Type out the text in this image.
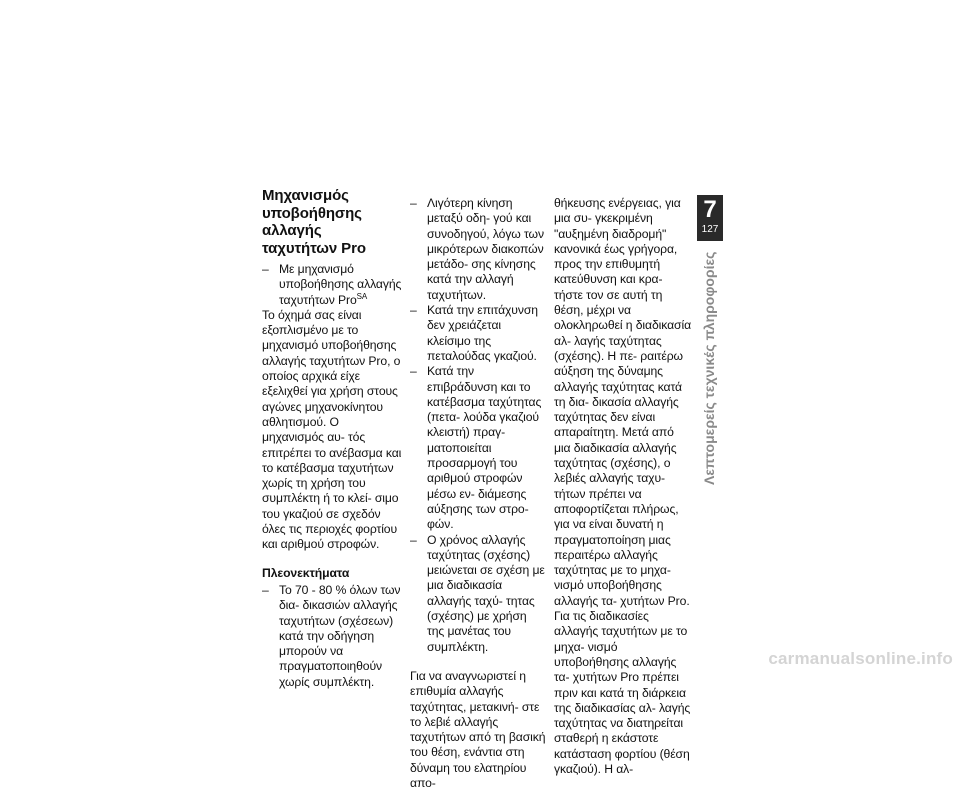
Μηχανισμός
υποβοήθησης αλλαγής
ταχυτήτων Pro
– Με μηχανισμό υποβοήθησης αλλαγής ταχυτήτων Pro$^{SA}$
Το όχημά σας είναι εξοπλισμένο με το μηχανισμό υποβοήθησης αλλαγής ταχυτήτων Pro, ο οποίος αρχικά είχε εξελιχθεί για χρήση στους αγώνες μηχανοκίνητου αθλητισμού. Ο μηχανισμός αυ- τός επιτρέπει το ανέβασμα και το κατέβασμα ταχυτήτων χωρίς τη χρήση του συμπλέκτη ή το κλεί- σιμο του γκαζιού σε σχεδόν όλες τις περιοχές φορτίου και αριθμού στροφών.
Πλεονεκτήματα
– Το 70 - 80 % όλων των δια- δικασιών αλλαγής ταχυτήτων (σχέσεων) κατά την οδήγηση μπορούν να πραγματοποιηθούν χωρίς συμπλέκτη.
– Λιγότερη κίνηση μεταξύ οδη- γού και συνοδηγού, λόγω των μικρότερων διακοπών μετάδο- σης κίνησης κατά την αλλαγή ταχυτήτων.
– Κατά την επιτάχυνση δεν χρειάζεται κλείσιμο της πεταλούδας γκαζιού.
– Κατά την επιβράδυνση και το κατέβασμα ταχύτητας (πετα- λούδα γκαζιού κλειστή) πραγ- ματοποιείται προσαρμογή του αριθμού στροφών μέσω εν- διάμεσης αύξησης των στρο- φών.
– Ο χρόνος αλλαγής ταχύτητας (σχέσης) μειώνεται σε σχέση με μια διαδικασία αλλαγής ταχύ- τητας (σχέσης) με χρήση της μανέτας του συμπλέκτη.
Για να αναγνωριστεί η επιθυμία αλλαγής ταχύτητας, μετακινή- στε το λεβιέ αλλαγής ταχυτήτων από τη βασική του θέση, ενάντια στη δύναμη του ελατηρίου απο-
θήκευσης ενέργειας, για μια συ- γκεκριμένη "αυξημένη διαδρομή" κανονικά έως γρήγορα, προς την επιθυμητή κατεύθυνση και κρα- τήστε τον σε αυτή τη θέση, μέχρι να ολοκληρωθεί η διαδικασία αλ- λαγής ταχύτητας (σχέσης). Η πε- ραιτέρω αύξηση της δύναμης αλλαγής ταχύτητας κατά τη δια- δικασία αλλαγής ταχύτητας δεν είναι απαραίτητη. Μετά από μια διαδικασία αλλαγής ταχύτητας (σχέσης), ο λεβιές αλλαγής ταχυ- τήτων πρέπει να αποφορτίζεται πλήρως, για να είναι δυνατή η πραγματοποίηση μιας περαιτέρω αλλαγής ταχύτητας με το μηχα- νισμό υποβοήθησης αλλαγής τα- χυτήτων Pro. Για τις διαδικασίες αλλαγής ταχυτήτων με το μηχα- νισμό υποβοήθησης αλλαγής τα- χυτήτων Pro πρέπει πριν και κατά τη διάρκεια της διαδικασίας αλ- λαγής ταχύτητας να διατηρείται σταθερή η εκάστοτε κατάσταση φορτίου (θέση γκαζιού). Η αλ-
7
127
Λεπτομερείς τεχνικές πληροφορίες
carmanualsonline.info
